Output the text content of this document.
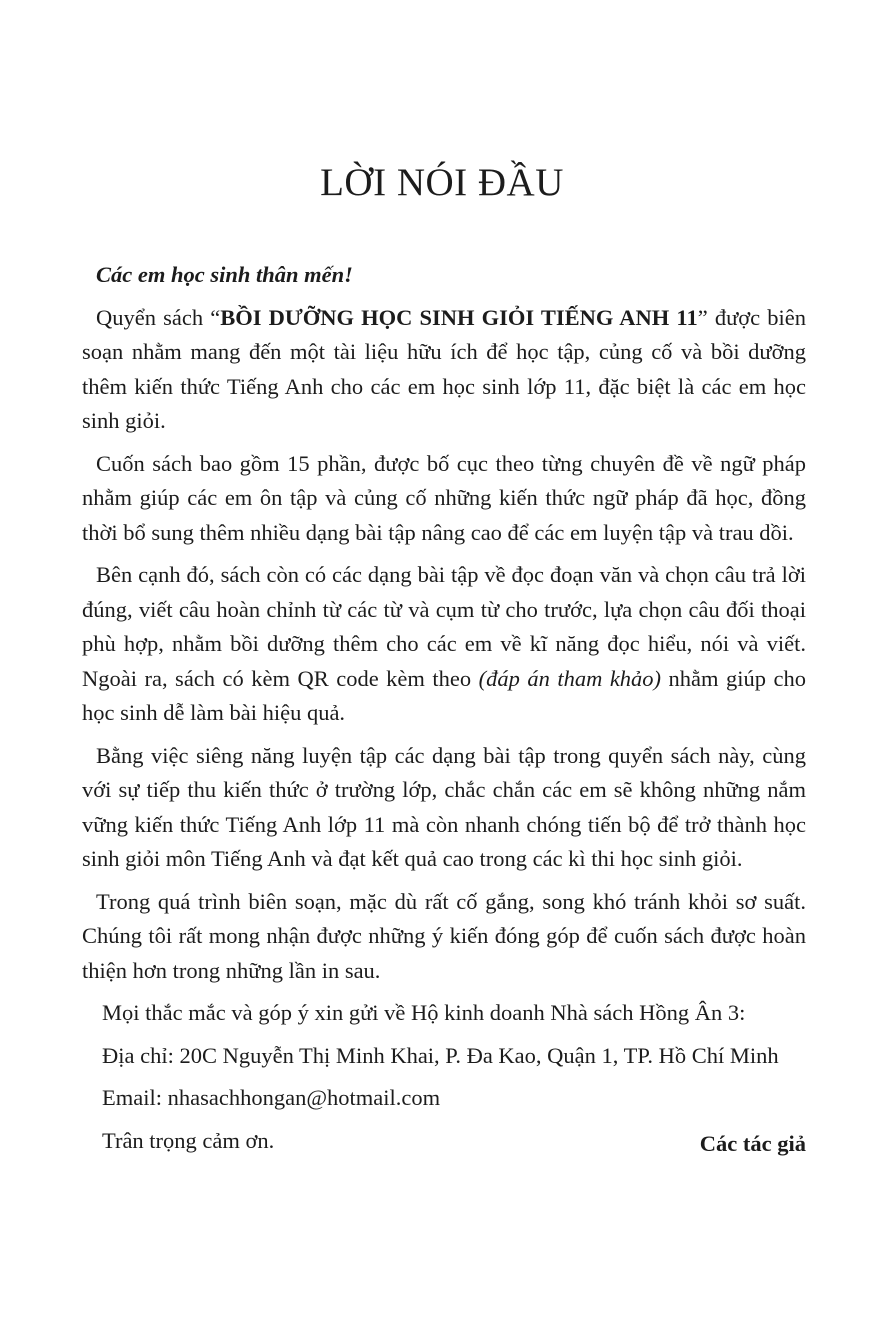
LỜI NÓI ĐẦU

Các em học sinh thân mến!

Quyển sách “BỒI DƯỠNG HỌC SINH GIỎI TIẾNG ANH 11” được biên soạn nhằm mang đến một tài liệu hữu ích để học tập, củng cố và bồi dưỡng thêm kiến thức Tiếng Anh cho các em học sinh lớp 11, đặc biệt là các em học sinh giỏi.

Cuốn sách bao gồm 15 phần, được bố cục theo từng chuyên đề về ngữ pháp nhằm giúp các em ôn tập và củng cố những kiến thức ngữ pháp đã học, đồng thời bổ sung thêm nhiều dạng bài tập nâng cao để các em luyện tập và trau dồi.

Bên cạnh đó, sách còn có các dạng bài tập về đọc đoạn văn và chọn câu trả lời đúng, viết câu hoàn chỉnh từ các từ và cụm từ cho trước, lựa chọn câu đối thoại phù hợp, nhằm bồi dưỡng thêm cho các em về kĩ năng đọc hiểu, nói và viết. Ngoài ra, sách có kèm QR code kèm theo (đáp án tham khảo) nhằm giúp cho học sinh dễ làm bài hiệu quả.

Bằng việc siêng năng luyện tập các dạng bài tập trong quyển sách này, cùng với sự tiếp thu kiến thức ở trường lớp, chắc chắn các em sẽ không những nắm vững kiến thức Tiếng Anh lớp 11 mà còn nhanh chóng tiến bộ để trở thành học sinh giỏi môn Tiếng Anh và đạt kết quả cao trong các kì thi học sinh giỏi.

Trong quá trình biên soạn, mặc dù rất cố gắng, song khó tránh khỏi sơ suất. Chúng tôi rất mong nhận được những ý kiến đóng góp để cuốn sách được hoàn thiện hơn trong những lần in sau.

Mọi thắc mắc và góp ý xin gửi về Hộ kinh doanh Nhà sách Hồng Ân 3:

Địa chỉ: 20C Nguyễn Thị Minh Khai, P. Đa Kao, Quận 1, TP. Hồ Chí Minh

Email: nhasachhongan@hotmail.com

Trân trọng cảm ơn.	Các tác giả
